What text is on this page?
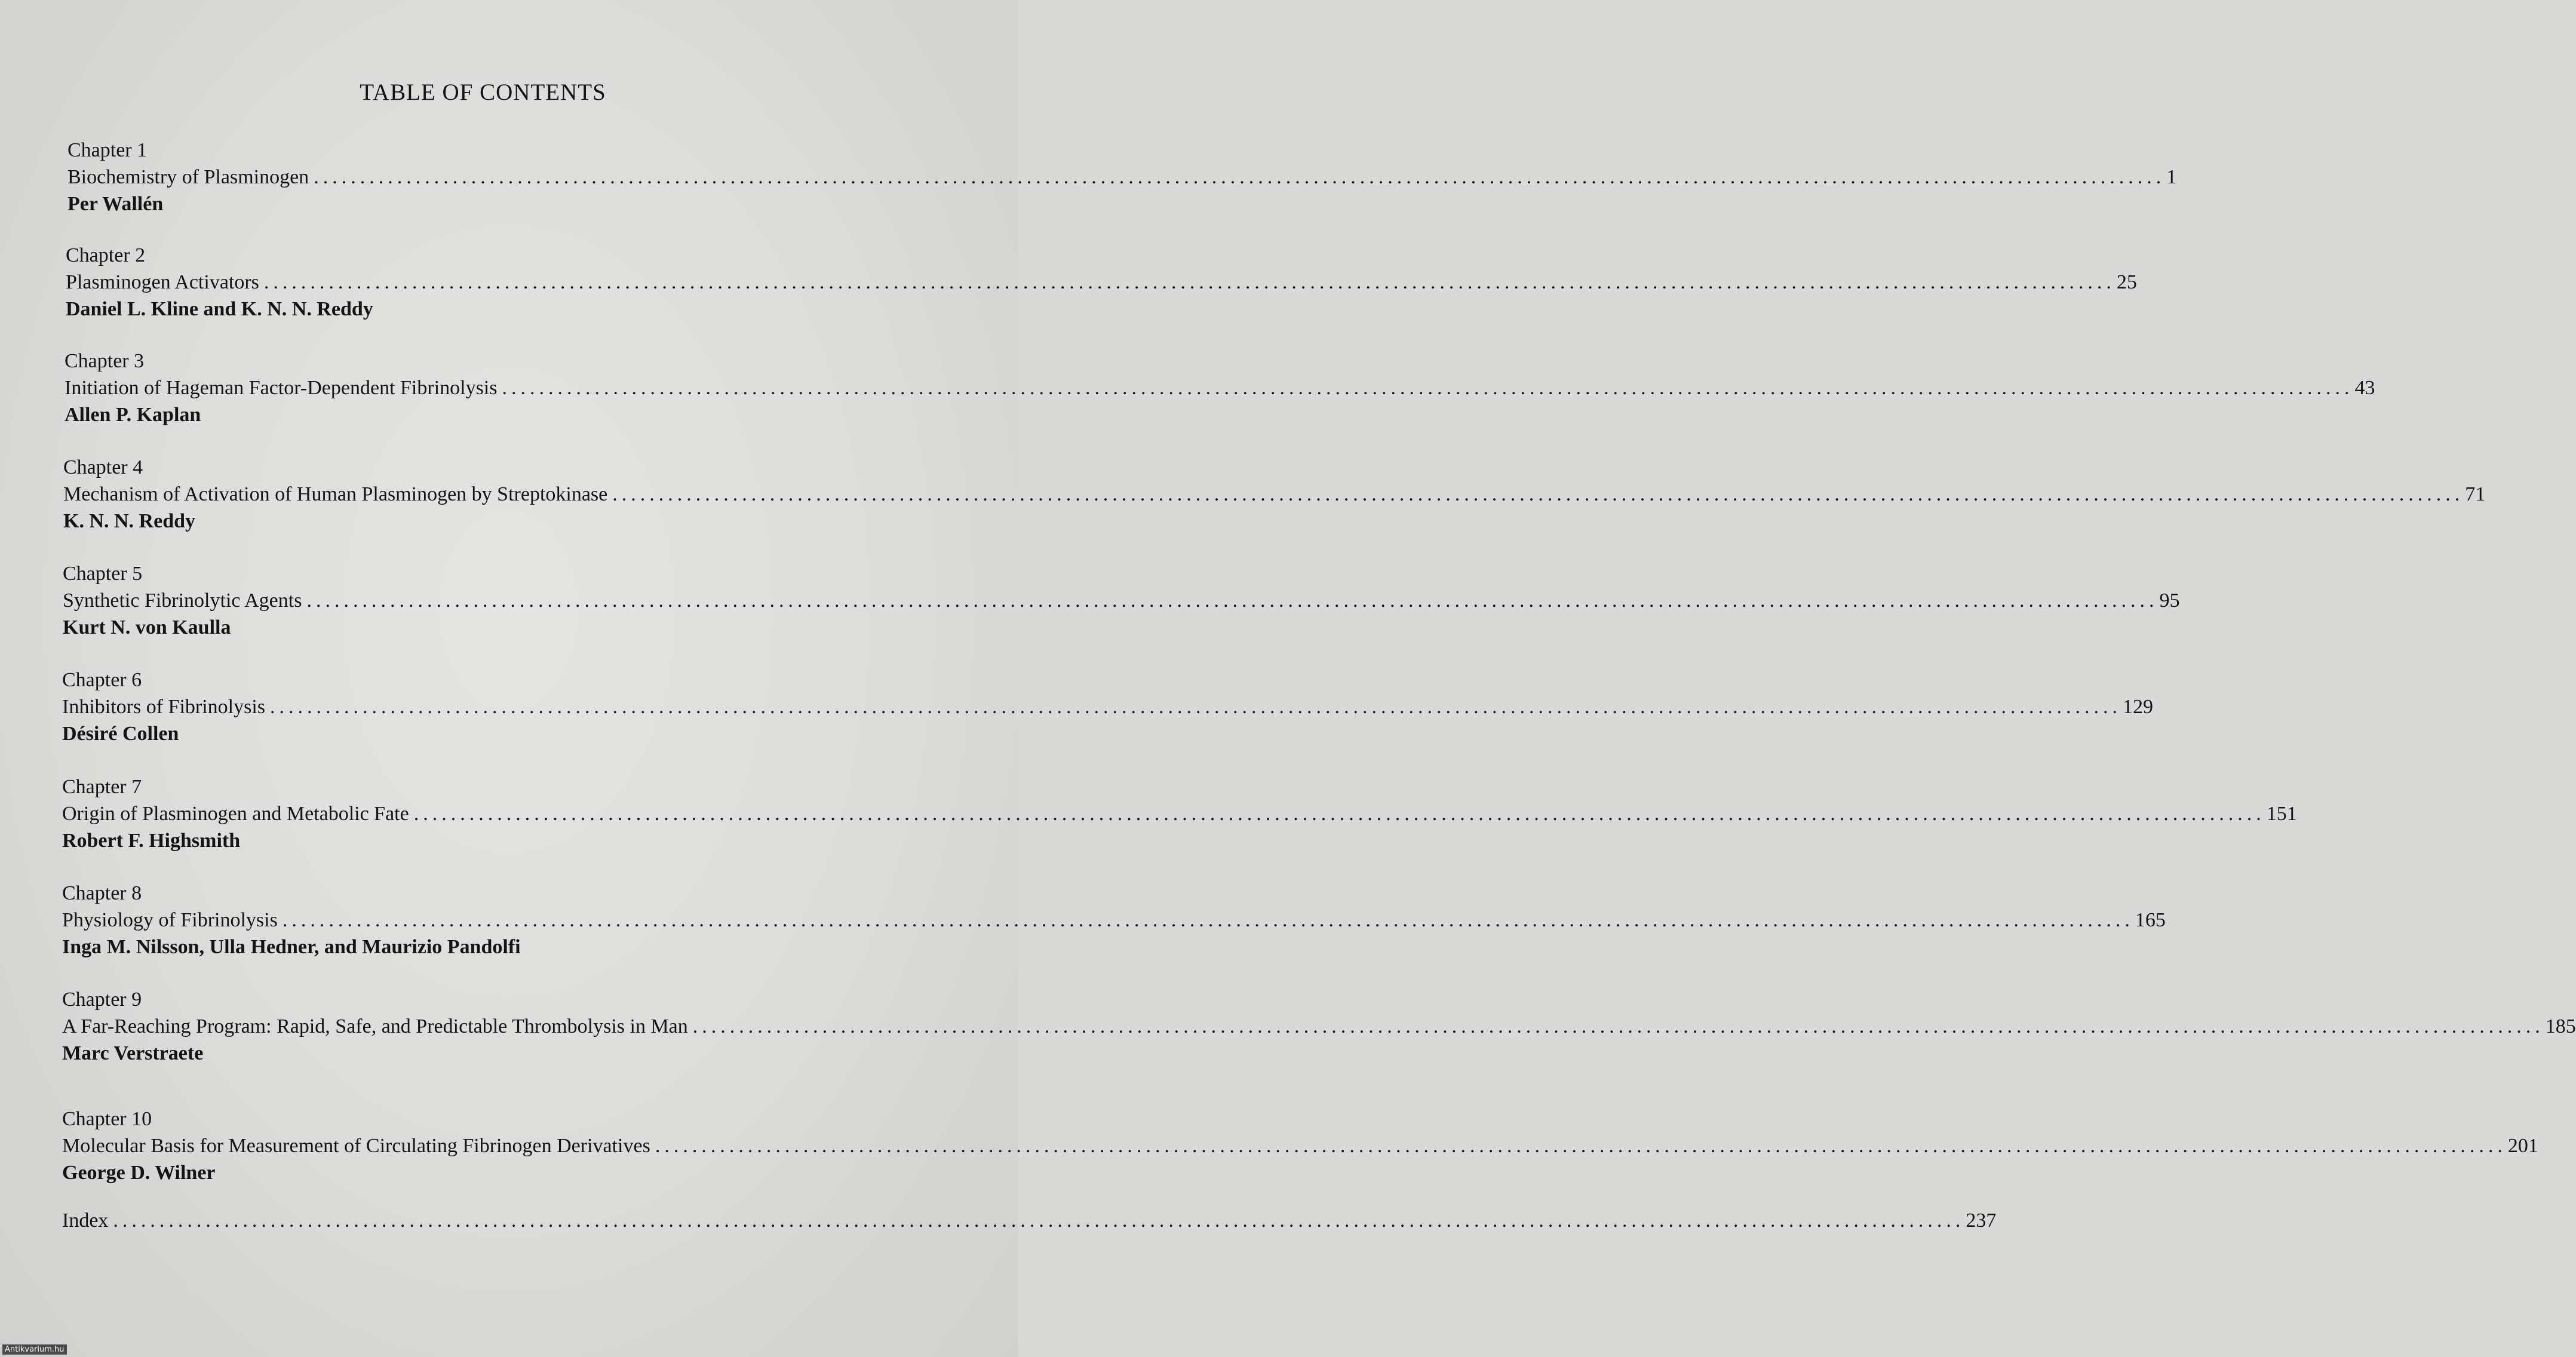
TABLE OF CONTENTS
Chapter 1
Biochemistry of Plasminogen ........................................................................................................................................................................................................ 1
Per Wallén
Chapter 2
Plasminogen Activators ........................................................................................................................................................................................................ 25
Daniel L. Kline and K. N. N. Reddy
Chapter 3
Initiation of Hageman Factor-Dependent Fibrinolysis ........................................................................................................................................................................................................ 43
Allen P. Kaplan
Chapter 4
Mechanism of Activation of Human Plasminogen by Streptokinase ........................................................................................................................................................................................................ 71
K. N. N. Reddy
Chapter 5
Synthetic Fibrinolytic Agents ........................................................................................................................................................................................................ 95
Kurt N. von Kaulla
Chapter 6
Inhibitors of Fibrinolysis ........................................................................................................................................................................................................ 129
Désiré Collen
Chapter 7
Origin of Plasminogen and Metabolic Fate ........................................................................................................................................................................................................ 151
Robert F. Highsmith
Chapter 8
Physiology of Fibrinolysis ........................................................................................................................................................................................................ 165
Inga M. Nilsson, Ulla Hedner, and Maurizio Pandolfi
Chapter 9
A Far-Reaching Program: Rapid, Safe, and Predictable Thrombolysis in Man ........................................................................................................................................................................................................ 185
Marc Verstraete
Chapter 10
Molecular Basis for Measurement of Circulating Fibrinogen Derivatives ........................................................................................................................................................................................................ 201
George D. Wilner
Index ........................................................................................................................................................................................................ 237
Antikvarium.hu
